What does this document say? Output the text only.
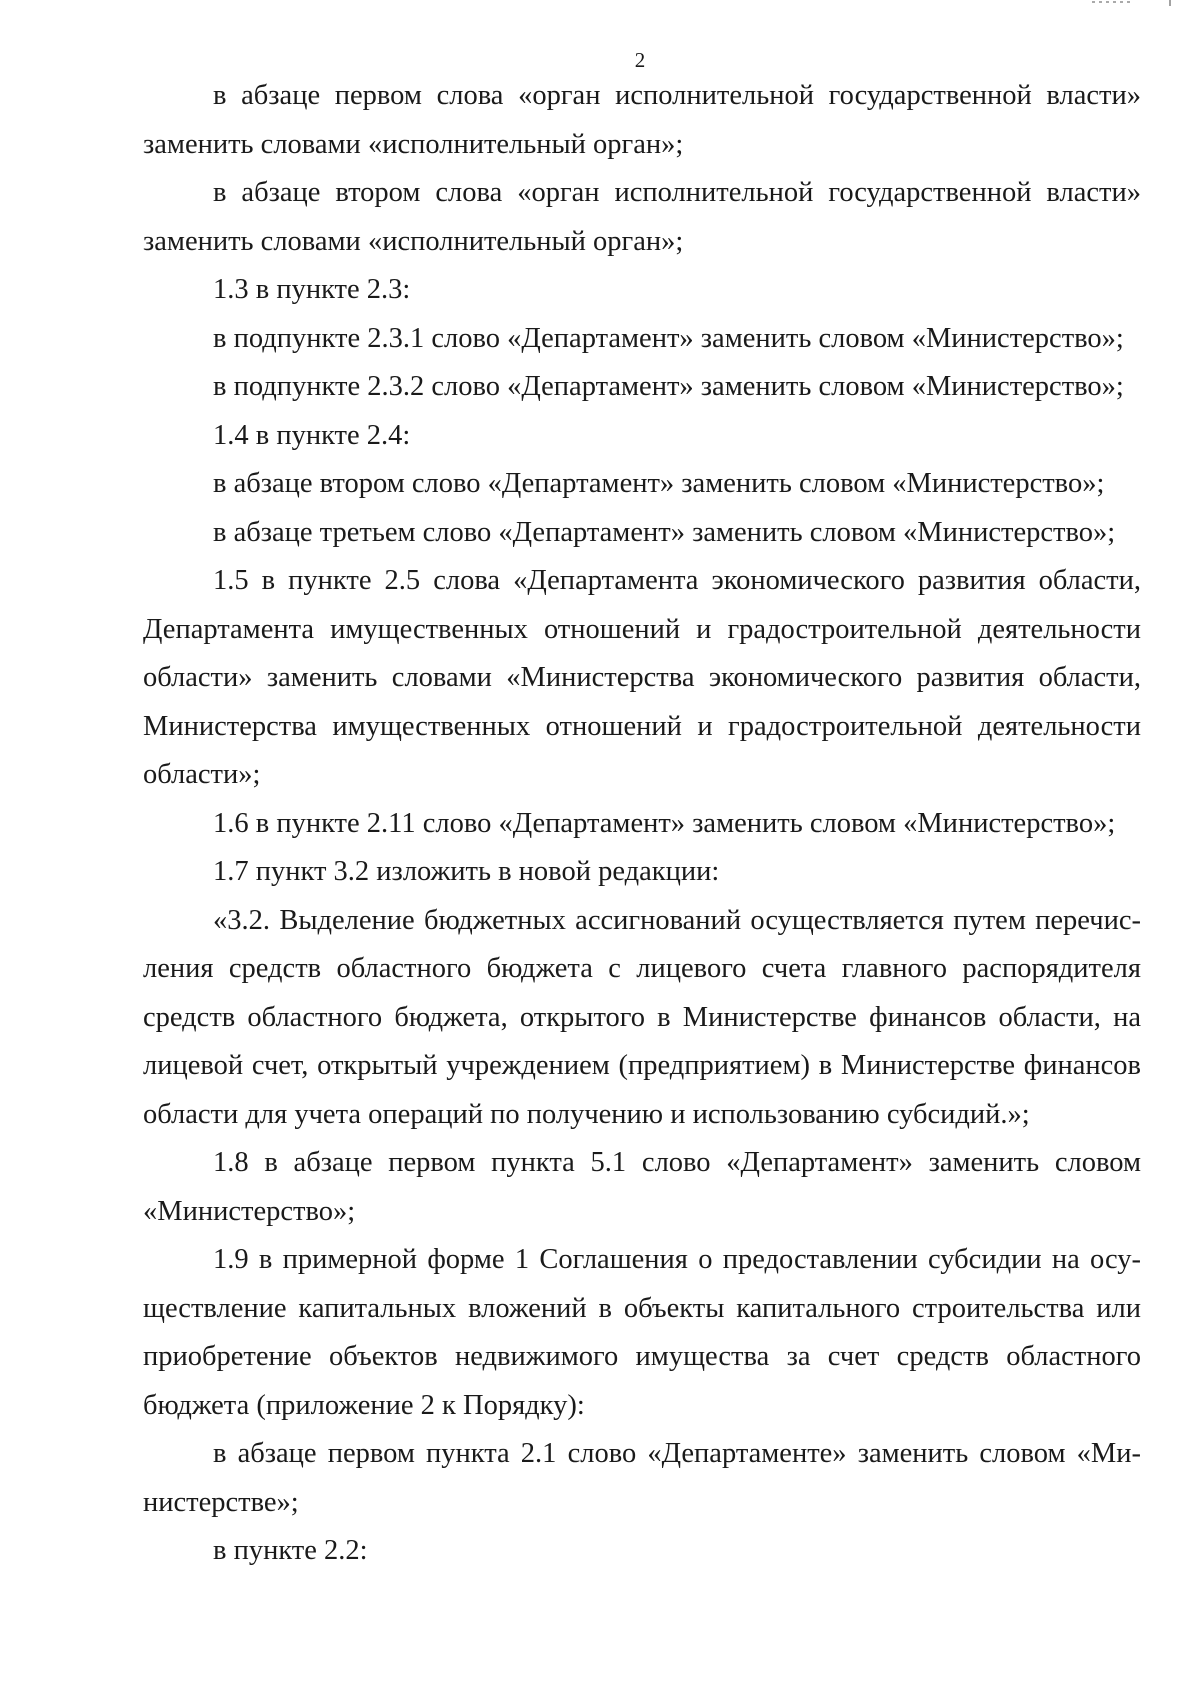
2

в абзаце первом слова «орган исполнительной государственной власти» заменить словами «исполнительный орган»;

в абзаце втором слова «орган исполнительной государственной власти» заменить словами «исполнительный орган»;

1.3 в пункте 2.3:

в подпункте 2.3.1 слово «Департамент» заменить словом «Министерство»;

в подпункте 2.3.2 слово «Департамент» заменить словом «Министерство»;

1.4 в пункте 2.4:

в абзаце втором слово «Департамент» заменить словом «Министерство»;

в абзаце третьем слово «Департамент» заменить словом «Министерство»;

1.5 в пункте 2.5 слова «Департамента экономического развития области, Департамента имущественных отношений и градостроительной деятельности области» заменить словами «Министерства экономического развития области, Министерства имущественных отношений и градостроительной деятельности области»;

1.6 в пункте 2.11 слово «Департамент» заменить словом «Министерство»;

1.7 пункт 3.2 изложить в новой редакции:

«3.2. Выделение бюджетных ассигнований осуществляется путем перечисления средств областного бюджета с лицевого счета главного распорядителя средств областного бюджета, открытого в Министерстве финансов области, на лицевой счет, открытый учреждением (предприятием) в Министерстве финансов области для учета операций по получению и использованию субсидий.»;

1.8 в абзаце первом пункта 5.1 слово «Департамент» заменить словом «Министерство»;

1.9 в примерной форме 1 Соглашения о предоставлении субсидии на осуществление капитальных вложений в объекты капитального строительства или приобретение объектов недвижимого имущества за счет средств областного бюджета (приложение 2 к Порядку):

в абзаце первом пункта 2.1 слово «Департаменте» заменить словом «Министерстве»;

в пункте 2.2:
